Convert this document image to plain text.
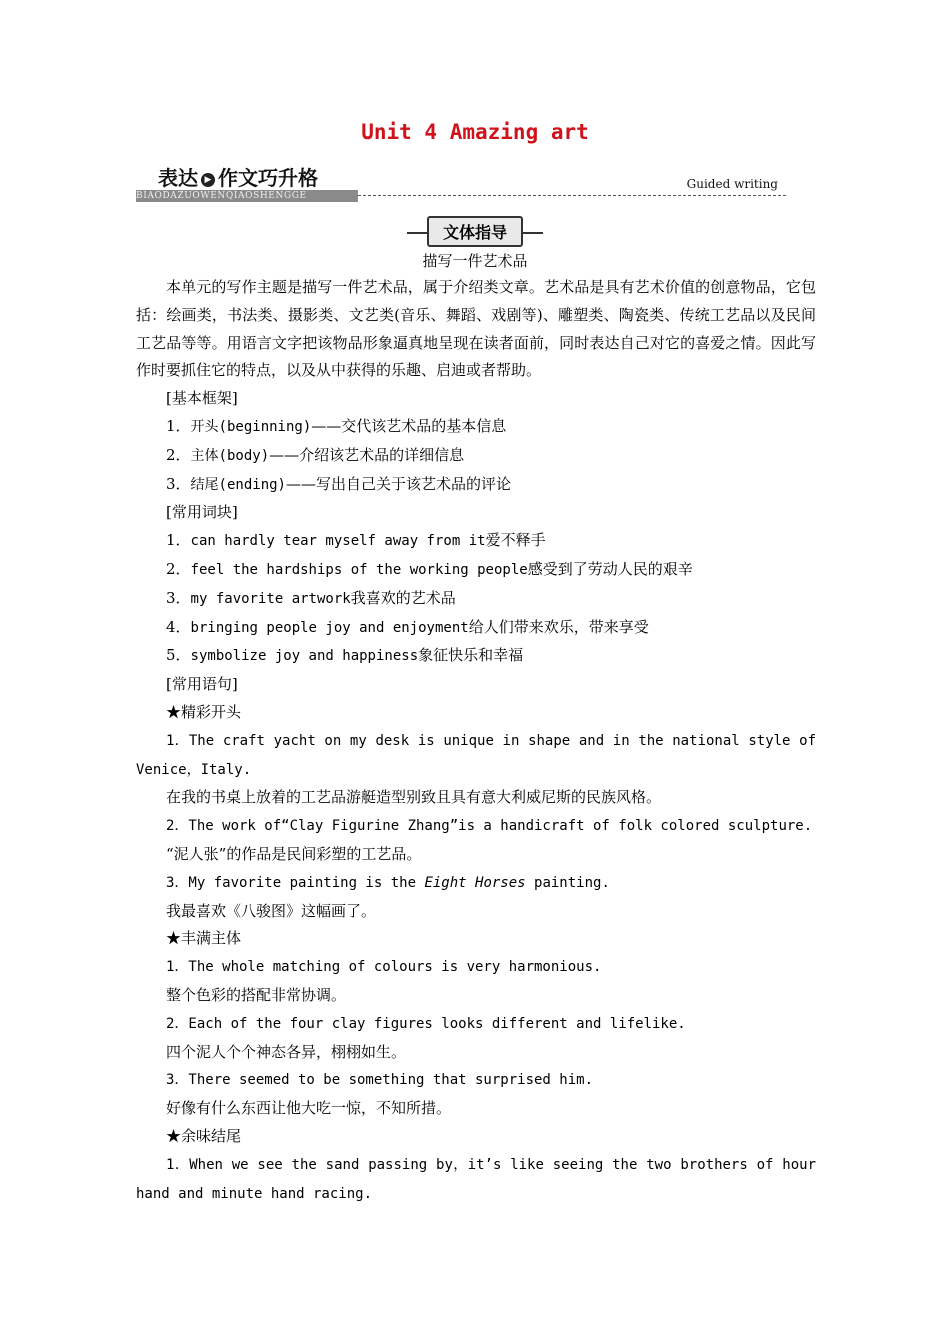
Unit 4 Amazing art
表达 ▶ 作文巧升格
BIAODAZUOWENQIAOSHENGGE
Guided writing
文体指导
描写一件艺术品

本单元的写作主题是描写一件艺术品，属于介绍类文章。艺术品是具有艺术价值的创意物品，它包括：绘画类，书法类、摄影类、文艺类(音乐、舞蹈、戏剧等)、雕塑类、陶瓷类、传统工艺品以及民间工艺品等等。用语言文字把该物品形象逼真地呈现在读者面前，同时表达自己对它的喜爱之情。因此写作时要抓住它的特点，以及从中获得的乐趣、启迪或者帮助。

[基本框架]

1．开头(beginning)——交代该艺术品的基本信息

2．主体(body)——介绍该艺术品的详细信息

3．结尾(ending)——写出自己关于该艺术品的评论

[常用词块]

1．can hardly tear myself away from it爱不释手

2．feel the hardships of the working people感受到了劳动人民的艰辛

3．my favorite artwork我喜欢的艺术品

4．bringing people joy and enjoyment给人们带来欢乐，带来享受

5．symbolize joy and happiness象征快乐和幸福

[常用语句]

★精彩开头

1．The craft yacht on my desk is unique in shape and in the national style of Venice，Italy.

在我的书桌上放着的工艺品游艇造型别致且具有意大利威尼斯的民族风格。

2．The work of“Clay Figurine Zhang”is a handicraft of folk colored sculpture.

“泥人张”的作品是民间彩塑的工艺品。

3．My favorite painting is the Eight Horses painting.

我最喜欢《八骏图》这幅画了。

★丰满主体

1．The whole matching of colours is very harmonious.

整个色彩的搭配非常协调。

2．Each of the four clay figures looks different and lifelike.

四个泥人个个神态各异，栩栩如生。

3．There seemed to be something that surprised him.

好像有什么东西让他大吃一惊，不知所措。

★余味结尾

1．When we see the sand passing by，it’s like seeing the two brothers of hour hand and minute hand racing.
